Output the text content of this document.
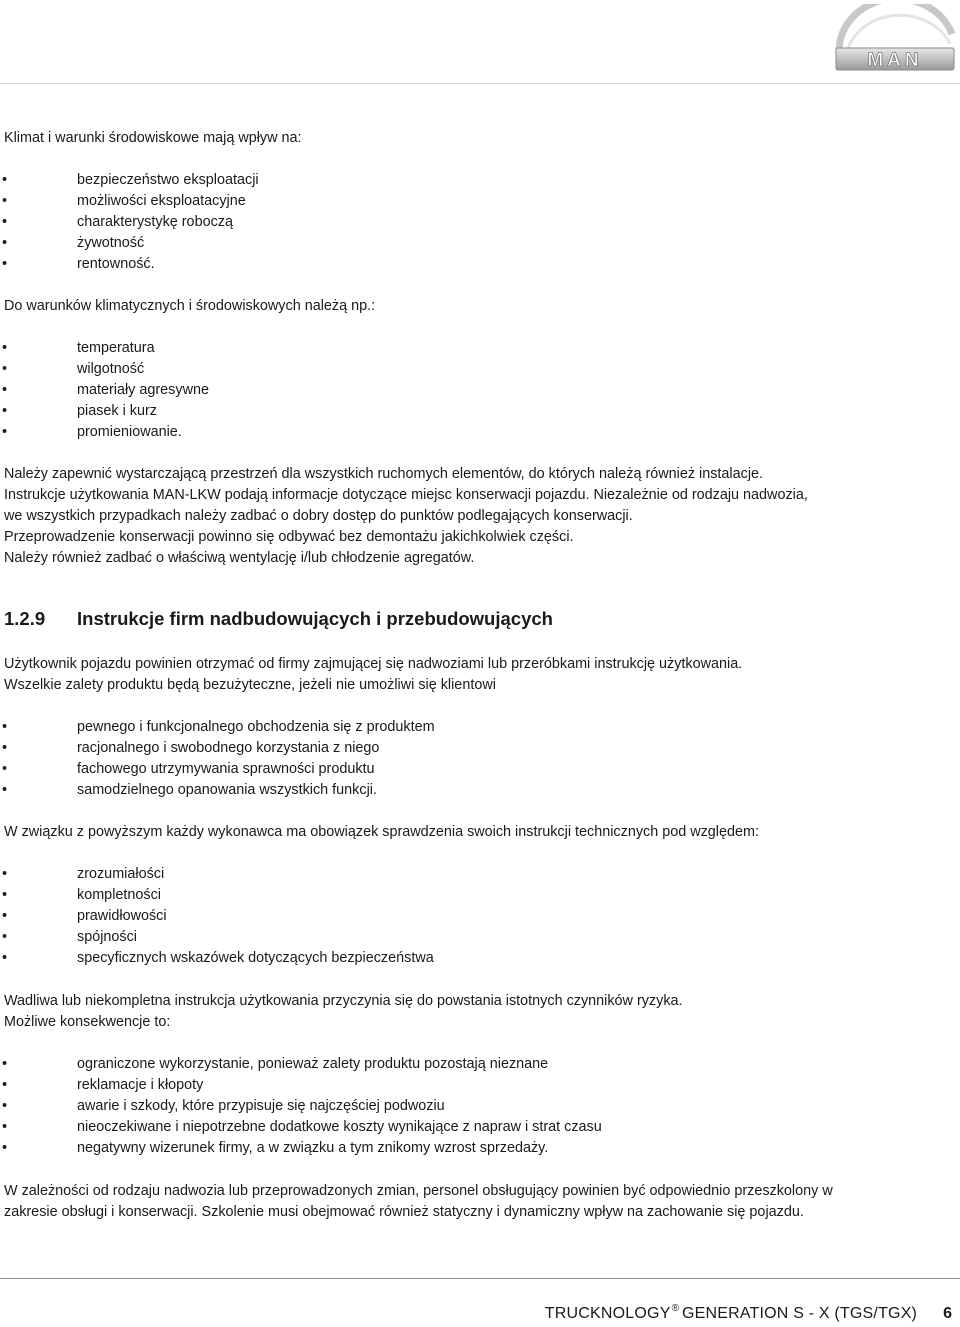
MAN

Klimat i warunki środowiskowe mają wpływ na:

• bezpieczeństwo eksploatacji
• możliwości eksploatacyjne
• charakterystykę roboczą
• żywotność
• rentowność.

Do warunków klimatycznych i środowiskowych należą np.:

• temperatura
• wilgotność
• materiały agresywne
• piasek i kurz
• promieniowanie.

Należy zapewnić wystarczającą przestrzeń dla wszystkich ruchomych elementów, do których należą również instalacje.

Instrukcje użytkowania MAN-LKW podają informacje dotyczące miejsc konserwacji pojazdu. Niezależnie od rodzaju nadwozia,

we wszystkich przypadkach należy zadbać o dobry dostęp do punktów podlegających konserwacji.

Przeprowadzenie konserwacji powinno się odbywać bez demontażu jakichkolwiek części.

Należy również zadbać o właściwą wentylację i/lub chłodzenie agregatów.

1.2.9 Instrukcje firm nadbudowujących i przebudowujących

Użytkownik pojazdu powinien otrzymać od firmy zajmującej się nadwoziami lub przeróbkami instrukcję użytkowania.

Wszelkie zalety produktu będą bezużyteczne, jeżeli nie umożliwi się klientowi

• pewnego i funkcjonalnego obchodzenia się z produktem
• racjonalnego i swobodnego korzystania z niego
• fachowego utrzymywania sprawności produktu
• samodzielnego opanowania wszystkich funkcji.

W związku z powyższym każdy wykonawca ma obowiązek sprawdzenia swoich instrukcji technicznych pod względem:

• zrozumiałości
• kompletności
• prawidłowości
• spójności
• specyficznych wskazówek dotyczących bezpieczeństwa

Wadliwa lub niekompletna instrukcja użytkowania przyczynia się do powstania istotnych czynników ryzyka.

Możliwe konsekwencje to:

• ograniczone wykorzystanie, ponieważ zalety produktu pozostają nieznane
• reklamacje i kłopoty
• awarie i szkody, które przypisuje się najczęściej podwoziu
• nieoczekiwane i niepotrzebne dodatkowe koszty wynikające z napraw i strat czasu
• negatywny wizerunek firmy, a w związku a tym znikomy wzrost sprzedaży.

W zależności od rodzaju nadwozia lub przeprowadzonych zmian, personel obsługujący powinien być odpowiednio przeszkolony w

zakresie obsługi i konserwacji. Szkolenie musi obejmować również statyczny i dynamiczny wpływ na zachowanie się pojazdu.

TRUCKNOLOGY® GENERATION S - X (TGS/TGX) 6
